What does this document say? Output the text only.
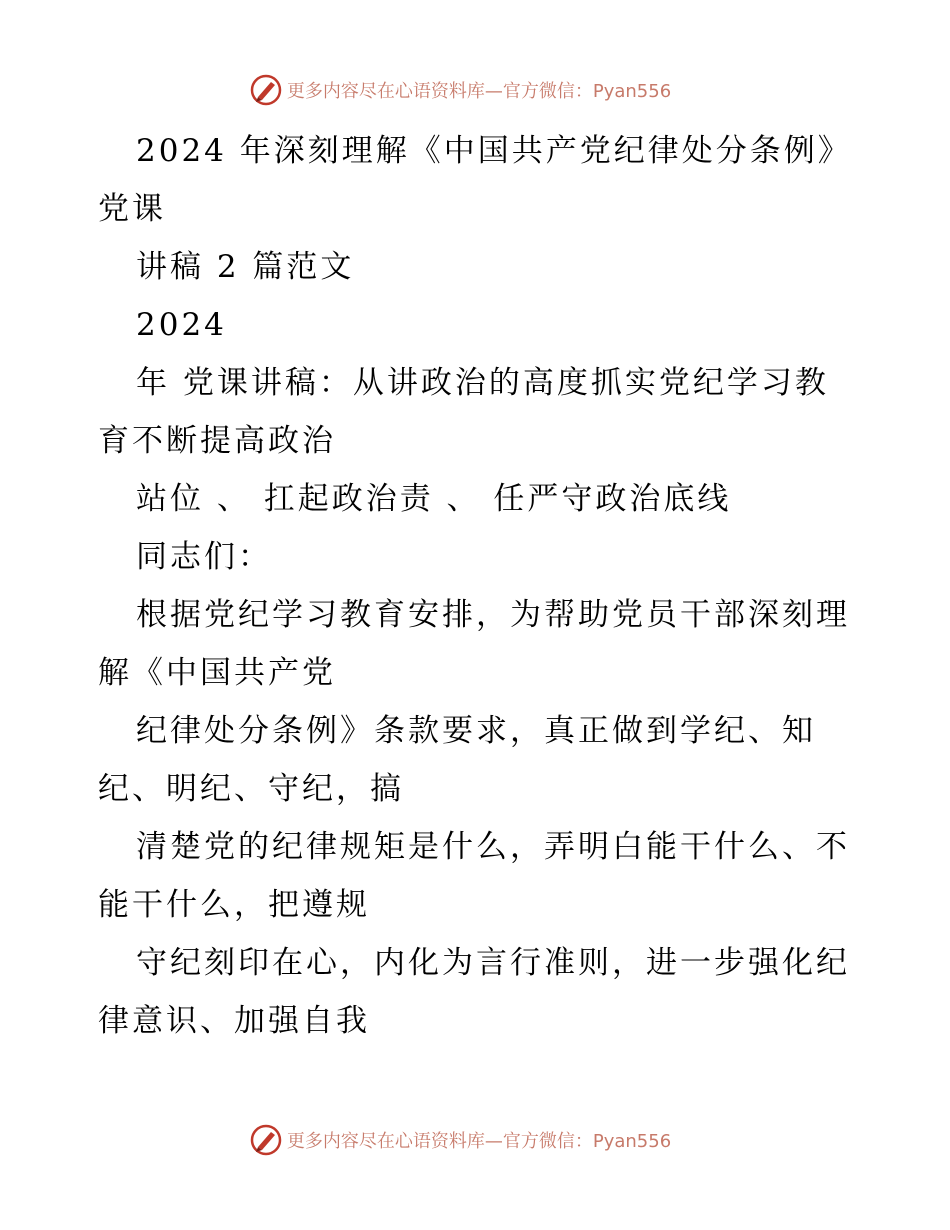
更多内容尽在心语资料库—官方微信：Pyan556
2024 年深刻理解《中国共产党纪律处分条例》
党课
讲稿 2 篇范文
2024
年 党课讲稿：从讲政治的高度抓实党纪学习教
育不断提高政治
站位 、 扛起政治责 、 任严守政治底线
同志们：
根据党纪学习教育安排，为帮助党员干部深刻理
解《中国共产党
纪律处分条例》条款要求，真正做到学纪、知
纪、明纪、守纪，搞
清楚党的纪律规矩是什么，弄明白能干什么、不
能干什么，把遵规
守纪刻印在心，内化为言行准则，进一步强化纪
律意识、加强自我
更多内容尽在心语资料库—官方微信：Pyan556
